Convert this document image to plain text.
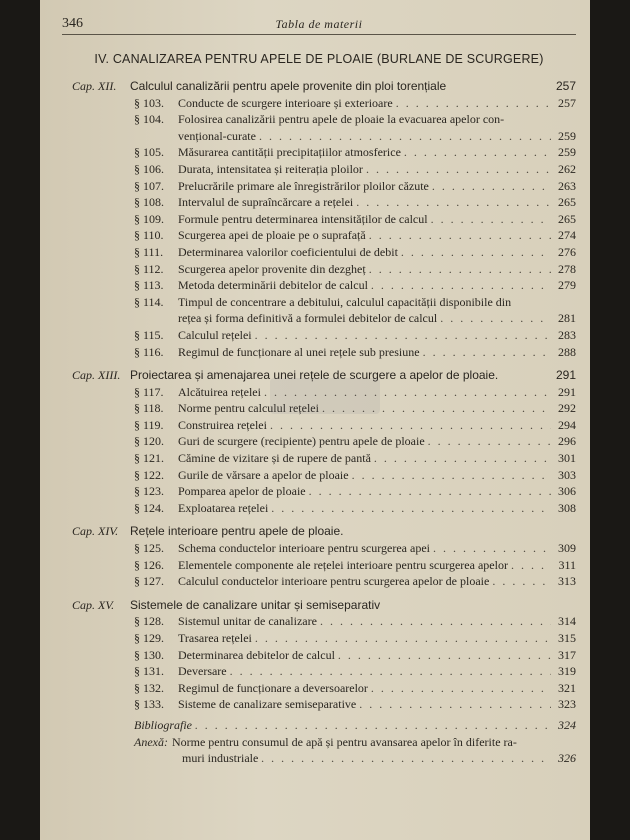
346	Tabla de materii
IV. CANALIZAREA PENTRU APELE DE PLOAIE (BURLANE DE SCURGERE)
Cap. XII.	Calculul canalizării pentru apele provenite din ploi torențiale	257
§ 103.	Conducte de scurgere interioare și exterioare . . .	257
§ 104.	Folosirea canalizării pentru apele de ploaie la evacuarea apelor con-
vențional-curate . . .	259
§ 105.	Măsurarea cantității precipitațiilor atmosferice . . .	259
§ 106.	Durata, intensitatea și reiterația ploilor . . .	262
§ 107.	Prelucrările primare ale înregistrărilor ploilor căzute . . .	263
§ 108.	Intervalul de supraîncărcare a rețelei . . .	265
§ 109.	Formule pentru determinarea intensităților de calcul . . .	265
§ 110.	Scurgerea apei de ploaie pe o suprafață . . .	274
§ 111.	Determinarea valorilor coeficientului de debit . . .	276
§ 112.	Scurgerea apelor provenite din dezgheț . . .	278
§ 113.	Metoda determinării debitelor de calcul . . .	279
§ 114.	Timpul de concentrare a debitului, calculul capacității disponibile din
rețea și forma definitivă a formulei debitelor de calcul . . .	281
§ 115.	Calculul rețelei . . .	283
§ 116.	Regimul de funcționare al unei rețele sub presiune . . .	288
Cap. XIII. Proiectarea și amenajarea unei rețele de scurgere a apelor de ploaie.	291
§ 117.	Alcătuirea rețelei . . .	291
§ 118.	Norme pentru calculul rețelei . . .	292
§ 119.	Construirea rețelei . . .	294
§ 120.	Guri de scurgere (recipiente) pentru apele de ploaie . . .	296
§ 121.	Cămine de vizitare și de rupere de pantă . . .	301
§ 122.	Gurile de vărsare a apelor de ploaie . . .	303
§ 123.	Pomparea apelor de ploaie . . .	306
§ 124.	Exploatarea rețelei . . .	308
Cap. XIV. Rețele interioare pentru apele de ploaie.
§ 125.	Schema conductelor interioare pentru scurgerea apei . . .	309
§ 126.	Elementele componente ale rețelei interioare pentru scurgerea apelor . . .	311
§ 127.	Calculul conductelor interioare pentru scurgerea apelor de ploaie . . .	313
Cap. XV.	Sistemele de canalizare unitar și semiseparativ
§ 128.	Sistemul unitar de canalizare . . .	314
§ 129.	Trasarea rețelei . . .	315
§ 130.	Determinarea debitelor de calcul . . .	317
§ 131.	Deversare . . .	319
§ 132.	Regimul de funcționare a deversoarelor . . .	321
§ 133.	Sisteme de canalizare semiseparative . . .	323
Bibliografie . . .	324
Anexă: Norme pentru consumul de apă și pentru avansarea apelor în diferite ra-
muri industriale . . .	326
